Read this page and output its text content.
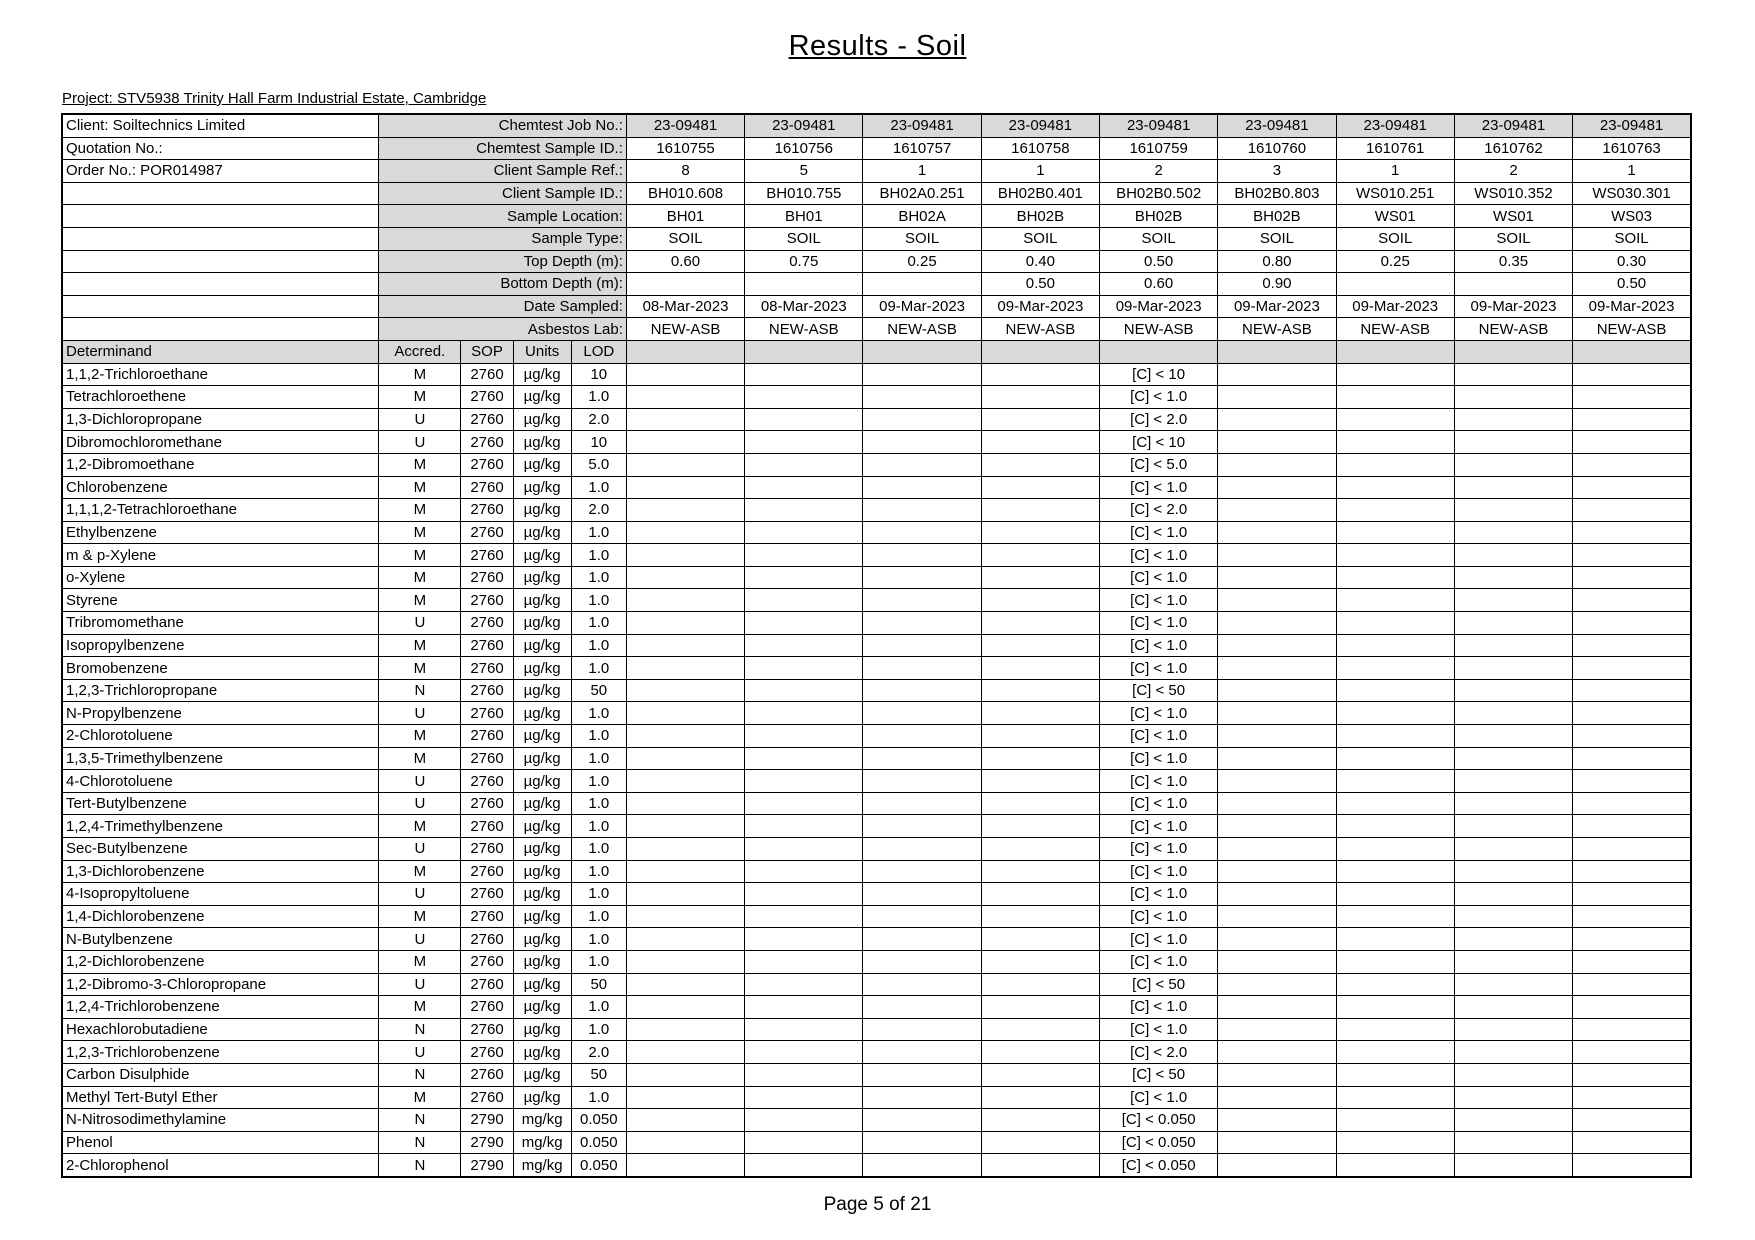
Results - Soil
Project: STV5938 Trinity Hall Farm Industrial Estate, Cambridge
Client: Soiltechnics Limited	Chemtest Job No.:				23-09481	23-09481	23-09481	23-09481	23-09481	23-09481	23-09481	23-09481	23-09481
Quotation No.:	Chemtest Sample ID.:				1610755	1610756	1610757	1610758	1610759	1610760	1610761	1610762	1610763
Order No.: POR014987	Client Sample Ref.:				8	5	1	1	2	3	1	2	1
	Client Sample ID.:				BH010.608	BH010.755	BH02A0.251	BH02B0.401	BH02B0.502	BH02B0.803	WS010.251	WS010.352	WS030.301
	Sample Location:				BH01	BH01	BH02A	BH02B	BH02B	BH02B	WS01	WS01	WS03
	Sample Type:				SOIL	SOIL	SOIL	SOIL	SOIL	SOIL	SOIL	SOIL	SOIL
	Top Depth (m):				0.60	0.75	0.25	0.40	0.50	0.80	0.25	0.35	0.30
	Bottom Depth (m):							0.50	0.60	0.90			0.50
	Date Sampled:				08-Mar-2023	08-Mar-2023	09-Mar-2023	09-Mar-2023	09-Mar-2023	09-Mar-2023	09-Mar-2023	09-Mar-2023	09-Mar-2023
	Asbestos Lab:				NEW-ASB	NEW-ASB	NEW-ASB	NEW-ASB	NEW-ASB	NEW-ASB	NEW-ASB	NEW-ASB	NEW-ASB
Determinand	Accred.	SOP	Units	LOD									
1,1,2-Trichloroethane	M	2760	µg/kg	10					[C] < 10				
Tetrachloroethene	M	2760	µg/kg	1.0					[C] < 1.0				
1,3-Dichloropropane	U	2760	µg/kg	2.0					[C] < 2.0				
Dibromochloromethane	U	2760	µg/kg	10					[C] < 10				
1,2-Dibromoethane	M	2760	µg/kg	5.0					[C] < 5.0				
Chlorobenzene	M	2760	µg/kg	1.0					[C] < 1.0				
1,1,1,2-Tetrachloroethane	M	2760	µg/kg	2.0					[C] < 2.0				
Ethylbenzene	M	2760	µg/kg	1.0					[C] < 1.0				
m & p-Xylene	M	2760	µg/kg	1.0					[C] < 1.0				
o-Xylene	M	2760	µg/kg	1.0					[C] < 1.0				
Styrene	M	2760	µg/kg	1.0					[C] < 1.0				
Tribromomethane	U	2760	µg/kg	1.0					[C] < 1.0				
Isopropylbenzene	M	2760	µg/kg	1.0					[C] < 1.0				
Bromobenzene	M	2760	µg/kg	1.0					[C] < 1.0				
1,2,3-Trichloropropane	N	2760	µg/kg	50					[C] < 50				
N-Propylbenzene	U	2760	µg/kg	1.0					[C] < 1.0				
2-Chlorotoluene	M	2760	µg/kg	1.0					[C] < 1.0				
1,3,5-Trimethylbenzene	M	2760	µg/kg	1.0					[C] < 1.0				
4-Chlorotoluene	U	2760	µg/kg	1.0					[C] < 1.0				
Tert-Butylbenzene	U	2760	µg/kg	1.0					[C] < 1.0				
1,2,4-Trimethylbenzene	M	2760	µg/kg	1.0					[C] < 1.0				
Sec-Butylbenzene	U	2760	µg/kg	1.0					[C] < 1.0				
1,3-Dichlorobenzene	M	2760	µg/kg	1.0					[C] < 1.0				
4-Isopropyltoluene	U	2760	µg/kg	1.0					[C] < 1.0				
1,4-Dichlorobenzene	M	2760	µg/kg	1.0					[C] < 1.0				
N-Butylbenzene	U	2760	µg/kg	1.0					[C] < 1.0				
1,2-Dichlorobenzene	M	2760	µg/kg	1.0					[C] < 1.0				
1,2-Dibromo-3-Chloropropane	U	2760	µg/kg	50					[C] < 50				
1,2,4-Trichlorobenzene	M	2760	µg/kg	1.0					[C] < 1.0				
Hexachlorobutadiene	N	2760	µg/kg	1.0					[C] < 1.0				
1,2,3-Trichlorobenzene	U	2760	µg/kg	2.0					[C] < 2.0				
Carbon Disulphide	N	2760	µg/kg	50					[C] < 50				
Methyl Tert-Butyl Ether	M	2760	µg/kg	1.0					[C] < 1.0				
N-Nitrosodimethylamine	N	2790	mg/kg	0.050					[C] < 0.050				
Phenol	N	2790	mg/kg	0.050					[C] < 0.050				
2-Chlorophenol	N	2790	mg/kg	0.050					[C] < 0.050				
Page 5 of 21
